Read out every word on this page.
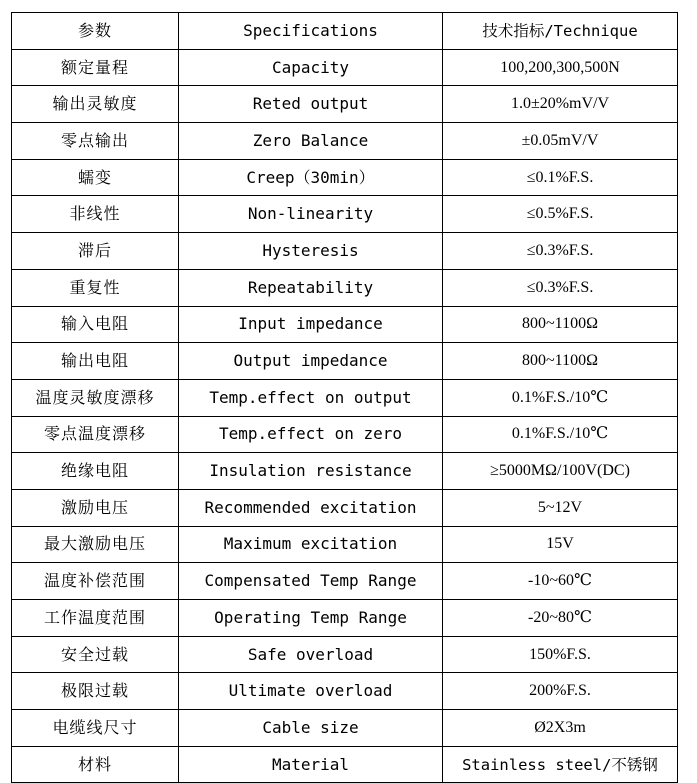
参数	Specifications	技术指标/Technique
额定量程	Capacity	100,200,300,500N
输出灵敏度	Reted output	1.0±20%mV/V
零点输出	Zero Balance	±0.05mV/V
蠕变	Creep（30min）	≤0.1%F.S.
非线性	Non-linearity	≤0.5%F.S.
滞后	Hysteresis	≤0.3%F.S.
重复性	Repeatability	≤0.3%F.S.
输入电阻	Input impedance	800~1100Ω
输出电阻	Output impedance	800~1100Ω
温度灵敏度漂移	Temp.effect on output	0.1%F.S./10℃
零点温度漂移	Temp.effect on zero	0.1%F.S./10℃
绝缘电阻	Insulation resistance	≥5000MΩ/100V(DC)
激励电压	Recommended excitation	5~12V
最大激励电压	Maximum excitation	15V
温度补偿范围	Compensated Temp Range	-10~60℃
工作温度范围	Operating Temp Range	-20~80℃
安全过载	Safe overload	150%F.S.
极限过载	Ultimate overload	200%F.S.
电缆线尺寸	Cable size	Ø2X3m
材料	Material	Stainless steel/不锈钢
